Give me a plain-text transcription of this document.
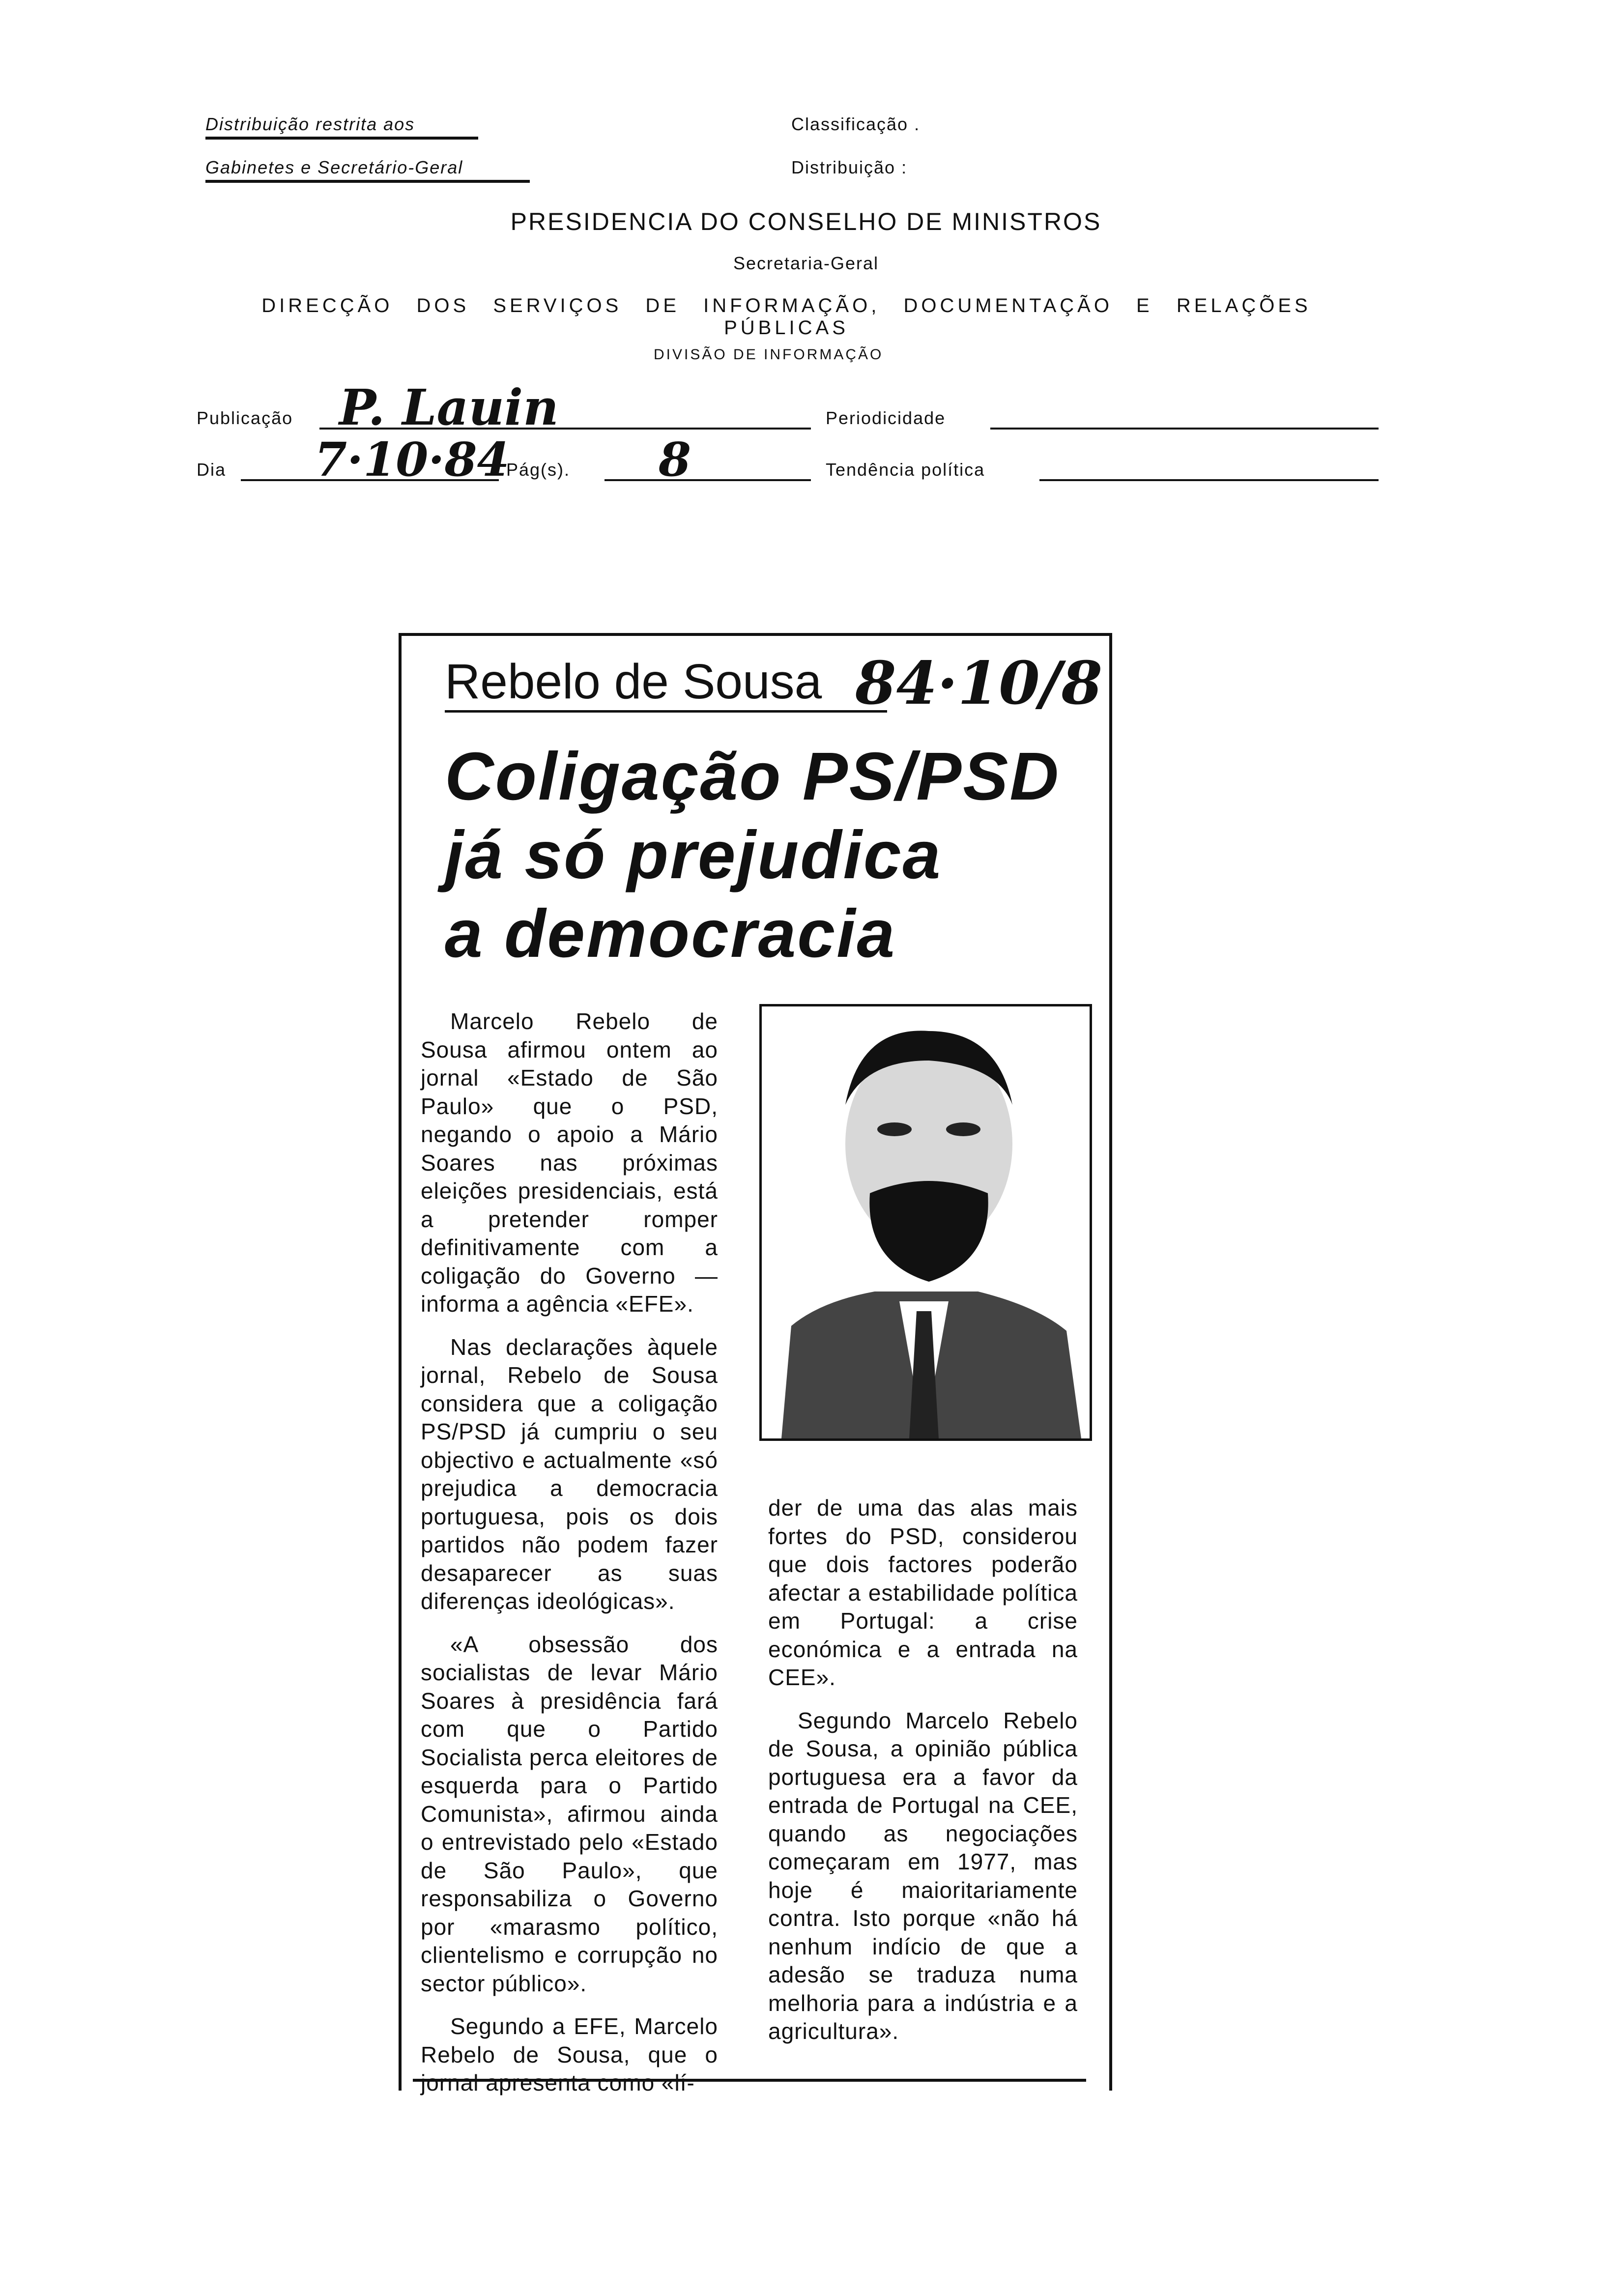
Distribuição restrita aos
Gabinetes e Secretário-Geral
Classificação .
Distribuição :
PRESIDENCIA DO CONSELHO DE MINISTROS
Secretaria-Geral
DIRECÇÃO DOS SERVIÇOS DE INFORMAÇÃO, DOCUMENTAÇÃO E RELAÇÕES PÚBLICAS
DIVISÃO DE INFORMAÇÃO
Publicação P. Lauin	Periodicidade
Dia 7·10·84
Pág(s). 8	Tendência política
Rebelo de Sousa 84·10/8
Coligação PS/PSD
já só prejudica
a democracia

Marcelo Rebelo de Sousa afirmou ontem ao jornal «Estado de São Paulo» que o PSD, negando o apoio a Mário Soares nas próximas eleições presidenciais, está a pretender romper definitivamente com a coligação do Governo — informa a agência «EFE».

Nas declarações àquele jornal, Rebelo de Sousa considera que a coligação PS/PSD já cumpriu o seu objectivo e actualmente «só prejudica a democracia portuguesa, pois os dois partidos não podem fazer desaparecer as suas diferenças ideológicas».

«A obsessão dos socialistas de levar Mário Soares à presidência fará com que o Partido Socialista perca eleitores de esquerda para o Partido Comunista», afirmou ainda o entrevistado pelo «Estado de São Paulo», que responsabiliza o Governo por «marasmo político, clientelismo e corrupção no sector público».

Segundo a EFE, Marcelo Rebelo de Sousa, que o jornal apresenta como «lí-

der de uma das alas mais fortes do PSD, considerou que dois factores poderão afectar a estabilidade política em Portugal: a crise económica e a entrada na CEE».

Segundo Marcelo Rebelo de Sousa, a opinião pública portuguesa era a favor da entrada de Portugal na CEE, quando as negociações começaram em 1977, mas hoje é maioritariamente contra. Isto porque «não há nenhum indício de que a adesão se traduza numa melhoria para a indústria e a agricultura».
